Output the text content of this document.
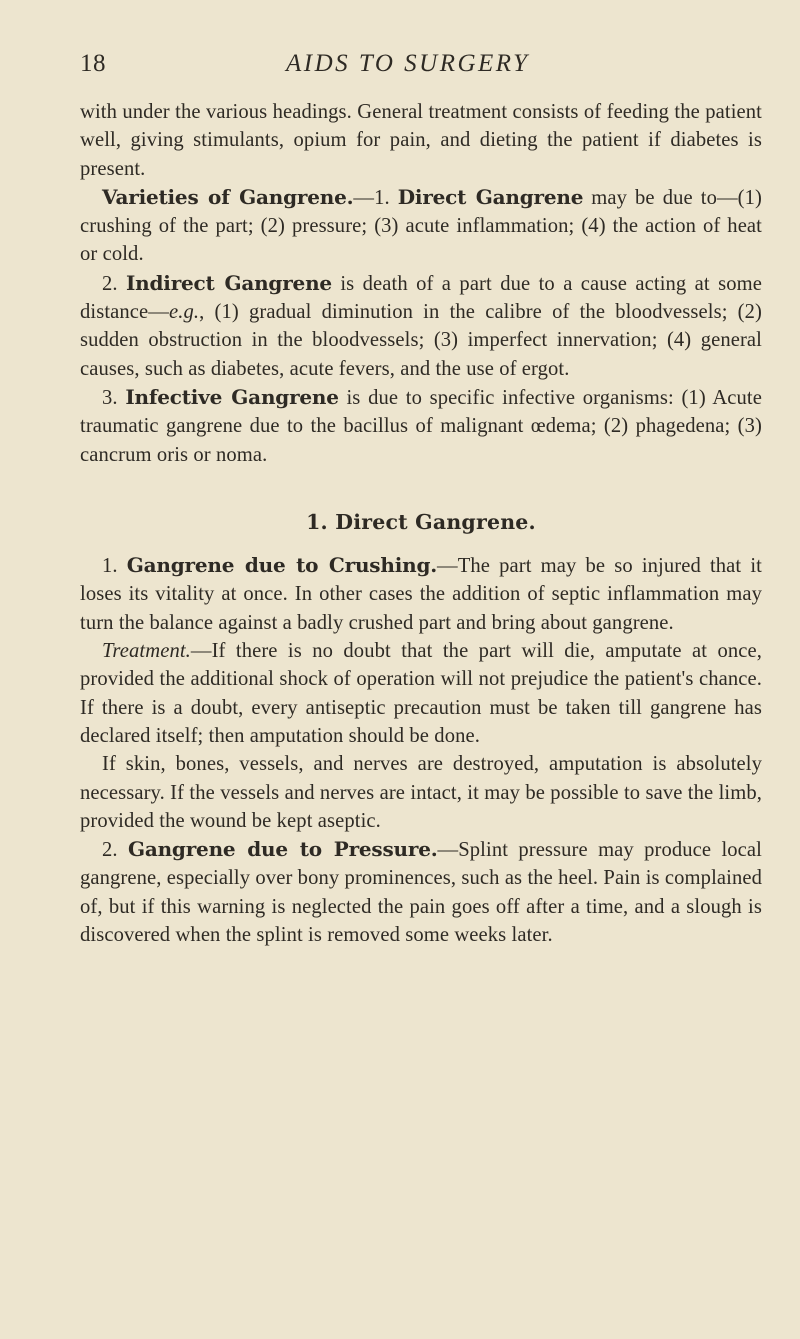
18	AIDS TO SURGERY

with under the various headings. General treatment consists of feeding the patient well, giving stimulants, opium for pain, and dieting the patient if diabetes is present.

Varieties of Gangrene.—1. Direct Gangrene may be due to—(1) crushing of the part; (2) pressure; (3) acute inflammation; (4) the action of heat or cold.

2. Indirect Gangrene is death of a part due to a cause acting at some distance—e.g., (1) gradual diminution in the calibre of the bloodvessels; (2) sudden obstruction in the bloodvessels; (3) imperfect innervation; (4) general causes, such as diabetes, acute fevers, and the use of ergot.

3. Infective Gangrene is due to specific infective organisms: (1) Acute traumatic gangrene due to the bacillus of malignant œdema; (2) phagedena; (3) cancrum oris or noma.

1. Direct Gangrene.

1. Gangrene due to Crushing.—The part may be so injured that it loses its vitality at once. In other cases the addition of septic inflammation may turn the balance against a badly crushed part and bring about gangrene.

Treatment.—If there is no doubt that the part will die, amputate at once, provided the additional shock of operation will not prejudice the patient's chance. If there is a doubt, every antiseptic precaution must be taken till gangrene has declared itself; then amputation should be done.

If skin, bones, vessels, and nerves are destroyed, amputation is absolutely necessary. If the vessels and nerves are intact, it may be possible to save the limb, provided the wound be kept aseptic.

2. Gangrene due to Pressure.—Splint pressure may produce local gangrene, especially over bony prominences, such as the heel. Pain is complained of, but if this warning is neglected the pain goes off after a time, and a slough is discovered when the splint is removed some weeks later.
